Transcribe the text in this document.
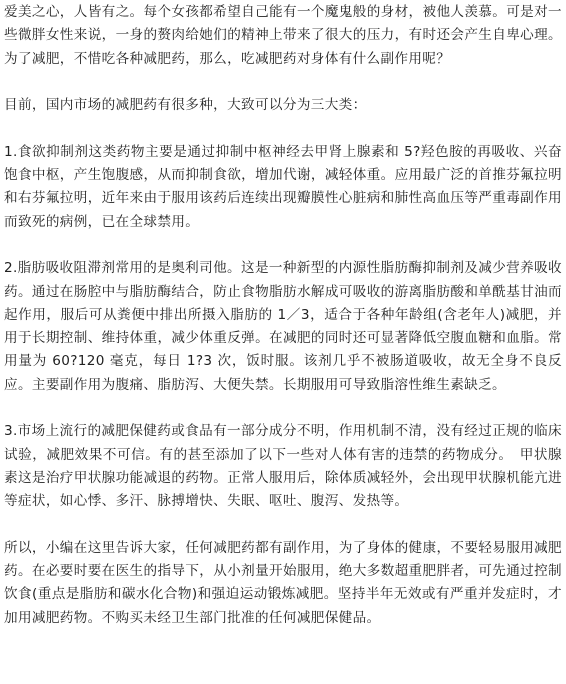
爱美之心，人皆有之。每个女孩都希望自己能有一个魔鬼般的身材，被他人羡慕。可是对一些微胖女性来说，一身的赘肉给她们的精神上带来了很大的压力，有时还会产生自卑心理。为了减肥，不惜吃各种减肥药，那么，吃减肥药对身体有什么副作用呢？

目前，国内市场的减肥药有很多种，大致可以分为三大类：

1.食欲抑制剂这类药物主要是通过抑制中枢神经去甲肾上腺素和 5?羟色胺的再吸收、兴奋饱食中枢，产生饱腹感，从而抑制食欲，增加代谢，减轻体重。应用最广泛的首推芬氟拉明和右芬氟拉明，近年来由于服用该药后连续出现瓣膜性心脏病和肺性高血压等严重毒副作用而致死的病例，已在全球禁用。

2.脂肪吸收阻滞剂常用的是奥利司他。这是一种新型的内源性脂肪酶抑制剂及减少营养吸收药。通过在肠腔中与脂肪酶结合，防止食物脂肪水解成可吸收的游离脂肪酸和单酰基甘油而起作用，服后可从粪便中排出所摄入脂肪的 1／3，适合于各种年龄组(含老年人)减肥，并用于长期控制、维持体重，减少体重反弹。在减肥的同时还可显著降低空腹血糖和血脂。常用量为 60?120 毫克，每日 1?3 次，饭时服。该剂几乎不被肠道吸收，故无全身不良反应。主要副作用为腹痛、脂肪泻、大便失禁。长期服用可导致脂溶性维生素缺乏。

3.市场上流行的减肥保健药或食品有一部分成分不明，作用机制不清，没有经过正规的临床试验，减肥效果不可信。有的甚至添加了以下一些对人体有害的违禁的药物成分。　甲状腺素这是治疗甲状腺功能减退的药物。正常人服用后，除体质减轻外，会出现甲状腺机能亢进等症状，如心悸、多汗、脉搏增快、失眠、呕吐、腹泻、发热等。

所以，小编在这里告诉大家，任何减肥药都有副作用，为了身体的健康，不要轻易服用减肥药。在必要时要在医生的指导下，从小剂量开始服用，绝大多数超重肥胖者，可先通过控制饮食(重点是脂肪和碳水化合物)和强迫运动锻炼减肥。坚持半年无效或有严重并发症时，才加用减肥药物。不购买未经卫生部门批准的任何减肥保健品。
